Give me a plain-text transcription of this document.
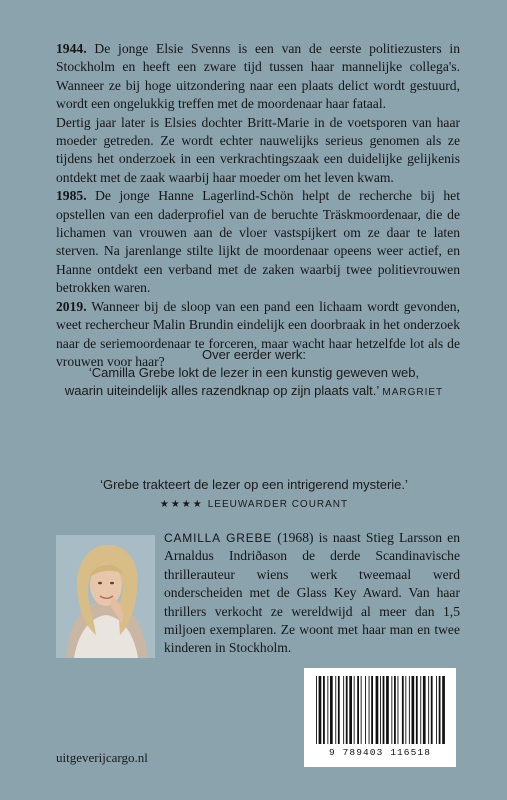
1944. De jonge Elsie Svenns is een van de eerste politiezusters in Stockholm en heeft een zware tijd tussen haar mannelijke collega's. Wanneer ze bij hoge uitzondering naar een plaats delict wordt gestuurd, wordt een ongelukkig treffen met de moordenaar haar fataal.

Dertig jaar later is Elsies dochter Britt-Marie in de voetsporen van haar moeder getreden. Ze wordt echter nauwelijks serieus genomen als ze tijdens het onderzoek in een verkrachtingszaak een duidelijke gelijkenis ontdekt met de zaak waarbij haar moeder om het leven kwam.

1985. De jonge Hanne Lagerlind-Schön helpt de recherche bij het opstellen van een daderprofiel van de beruchte Träskmoordenaar, die de lichamen van vrouwen aan de vloer vastspijkert om ze daar te laten sterven. Na jarenlange stilte lijkt de moordenaar opeens weer actief, en Hanne ontdekt een verband met de zaken waarbij twee politievrouwen betrokken waren.

2019. Wanneer bij de sloop van een pand een lichaam wordt gevonden, weet rechercheur Malin Brundin eindelijk een doorbraak in het onderzoek naar de seriemoordenaar te forceren, maar wacht haar hetzelfde lot als de vrouwen voor haar?	Over eerder werk:
‘Camilla Grebe lokt de lezer in een kunstig geweven web,
waarin uiteindelijk alles razendknap op zijn plaats valt.’ MARGRIET
‘Grebe trakteert de lezer op een intrigerend mysterie.’
★★★★ LEEUWARDER COURANT
CAMILLA GREBE (1968) is naast Stieg Larsson en Arnaldus Indriðason de derde Scandinavische thrillerauteur wiens werk tweemaal werd onderscheiden met de Glass Key Award. Van haar thrillers verkocht ze wereldwijd al meer dan 1,5 miljoen exemplaren. Ze woont met haar man en twee kinderen in Stockholm.
9 789403 116518
uitgeverijcargo.nl
